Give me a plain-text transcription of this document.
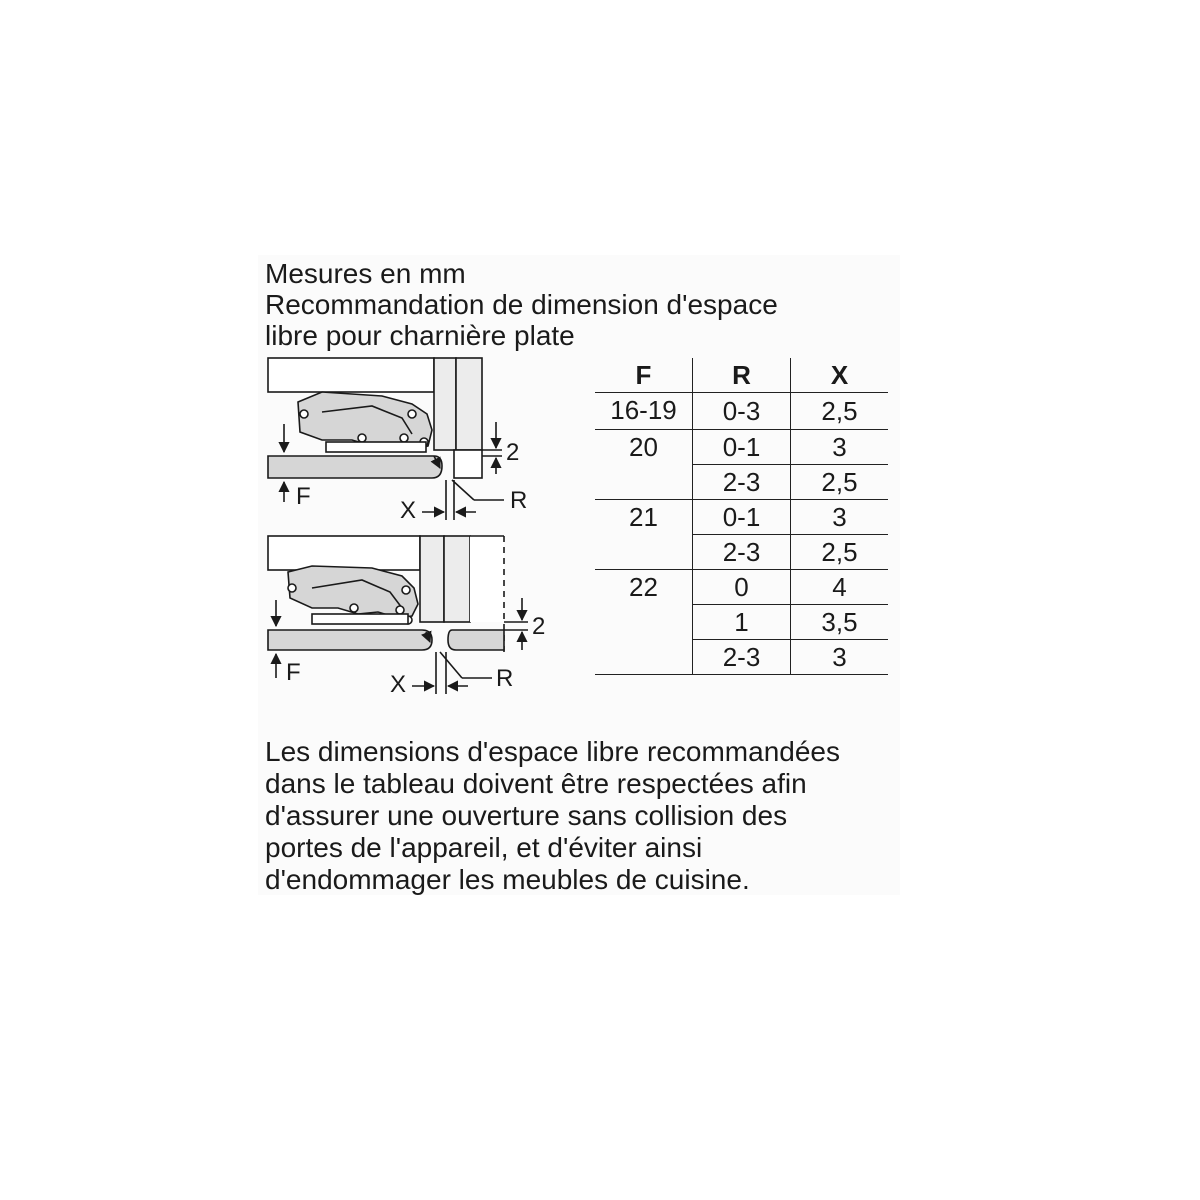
Mesures en mm
Recommandation de dimension d'espace
libre pour charnière plate
2
F
X	R
2
F	X	R
F	R	X
16-19	0-3	2,5
20	0-1	3
	2-3	2,5
21	0-1	3
	2-3	2,5
22	0	4
	1	3,5
	2-3	3
Les dimensions d'espace libre recommandées
dans le tableau doivent être respectées afin
d'assurer une ouverture sans collision des
portes de l'appareil, et d'éviter ainsi
d'endommager les meubles de cuisine.
